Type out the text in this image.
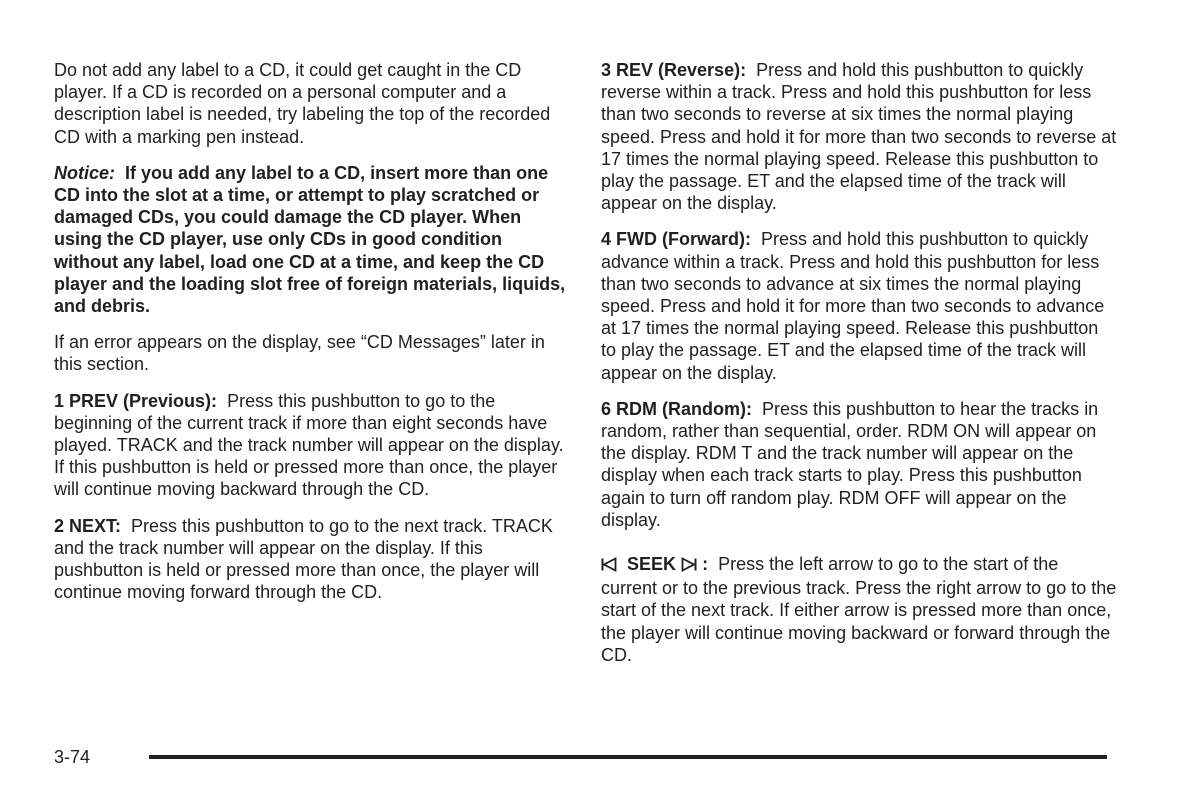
Do not add any label to a CD, it could get caught in the CD player. If a CD is recorded on a personal computer and a description label is needed, try labeling the top of the recorded CD with a marking pen instead.

Notice: If you add any label to a CD, insert more than one CD into the slot at a time, or attempt to play scratched or damaged CDs, you could damage the CD player. When using the CD player, use only CDs in good condition without any label, load one CD at a time, and keep the CD player and the loading slot free of foreign materials, liquids, and debris.

If an error appears on the display, see “CD Messages” later in this section.

1 PREV (Previous): Press this pushbutton to go to the beginning of the current track if more than eight seconds have played. TRACK and the track number will appear on the display. If this pushbutton is held or pressed more than once, the player will continue moving backward through the CD.

2 NEXT: Press this pushbutton to go to the next track. TRACK and the track number will appear on the display. If this pushbutton is held or pressed more than once, the player will continue moving forward through the CD.

3 REV (Reverse): Press and hold this pushbutton to quickly reverse within a track. Press and hold this pushbutton for less than two seconds to reverse at six times the normal playing speed. Press and hold it for more than two seconds to reverse at 17 times the normal playing speed. Release this pushbutton to play the passage. ET and the elapsed time of the track will appear on the display.

4 FWD (Forward): Press and hold this pushbutton to quickly advance within a track. Press and hold this pushbutton for less than two seconds to advance at six times the normal playing speed. Press and hold it for more than two seconds to advance at 17 times the normal playing speed. Release this pushbutton to play the passage. ET and the elapsed time of the track will appear on the display.

6 RDM (Random): Press this pushbutton to hear the tracks in random, rather than sequential, order. RDM ON will appear on the display. RDM T and the track number will appear on the display when each track starts to play. Press this pushbutton again to turn off random play. RDM OFF will appear on the display.

SEEK : Press the left arrow to go to the start of the current or to the previous track. Press the right arrow to go to the start of the next track. If either arrow is pressed more than once, the player will continue moving backward or forward through the CD.

3-74
